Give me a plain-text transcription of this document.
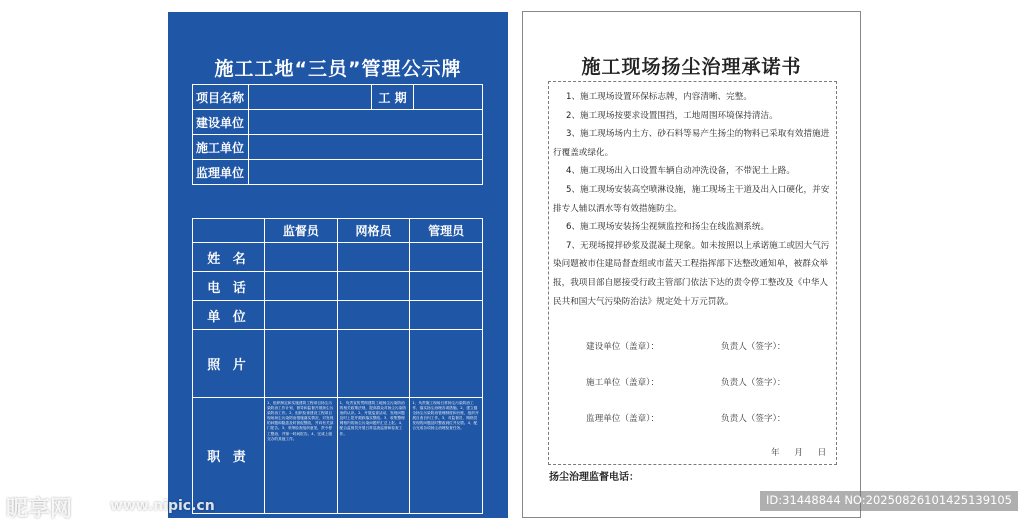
施工工地“三员”管理公示牌
项目名称		工 期	
建设单位			
施工单位			
监理单位			
	监督员	网格员	管理员
姓 名			
电 话			
单 位			
照 片			
职 责	1、组织制定和实施建筑工程项目扬尘污染防治工作计划，督导和监督开展扬尘污染防治工作。2、组织检查建设工程项目现场扬尘污染防治措施落实情况，对发现的问题和隐患及时督促整改，并向有关部门报告。3、采纳检查组织意见，责令停工整治，并第一时间报告。4、完成上级交办的其他工作。	1、负责宣传贯彻建筑工地扬尘污染防治的相关政策法规，提高群众对扬尘污染防治的认识。2、开展巡查活动，发现问题及时上报并跟踪落实整改。3、收集整理网格内的扬尘污染问题并汇总上报。4、配合监督员开展日常巡查监督和检查工作。	1、负责施工现场日常扬尘污染防治工作，落实扬尘治理各项措施。2、建立健全扬尘污染防治管理制度和台账，组织开展自查自纠工作。3、对监督员、网格员发现的问题及时整改到位并反馈。4、配合完成各项扬尘治理检查任务。
施工现场扬尘治理承诺书

1、施工现场设置环保标志牌，内容清晰、完整。

2、施工现场按要求设置围挡，工地周围环境保持清洁。

3、施工现场场内土方、砂石料等易产生扬尘的物料已采取有效措施进行覆盖或绿化。

4、施工现场出入口设置车辆自动冲洗设备，不带泥土上路。

5、施工现场安装高空喷淋设施，施工现场主干道及出入口硬化，并安排专人辅以洒水等有效措施防尘。

6、施工现场安装扬尘视频监控和扬尘在线监测系统。

7、无现场搅拌砂浆及混凝土现象。如未按照以上承诺施工或因大气污染问题被市住建局督查组或市蓝天工程指挥部下达整改通知单，被群众举报，我项目部自愿接受行政主管部门依法下达的责令停工整改及《中华人民共和国大气污染防治法》规定处十万元罚款。

建设单位（盖章）：	负责人（签字）：
施工单位（盖章）：	负责人（签字）：
监理单位（盖章）：	负责人（签字）：
年 月 日
扬尘治理监督电话：
昵享网	www.nipic.cn	ID:31448844 NO:20250826101425139105
